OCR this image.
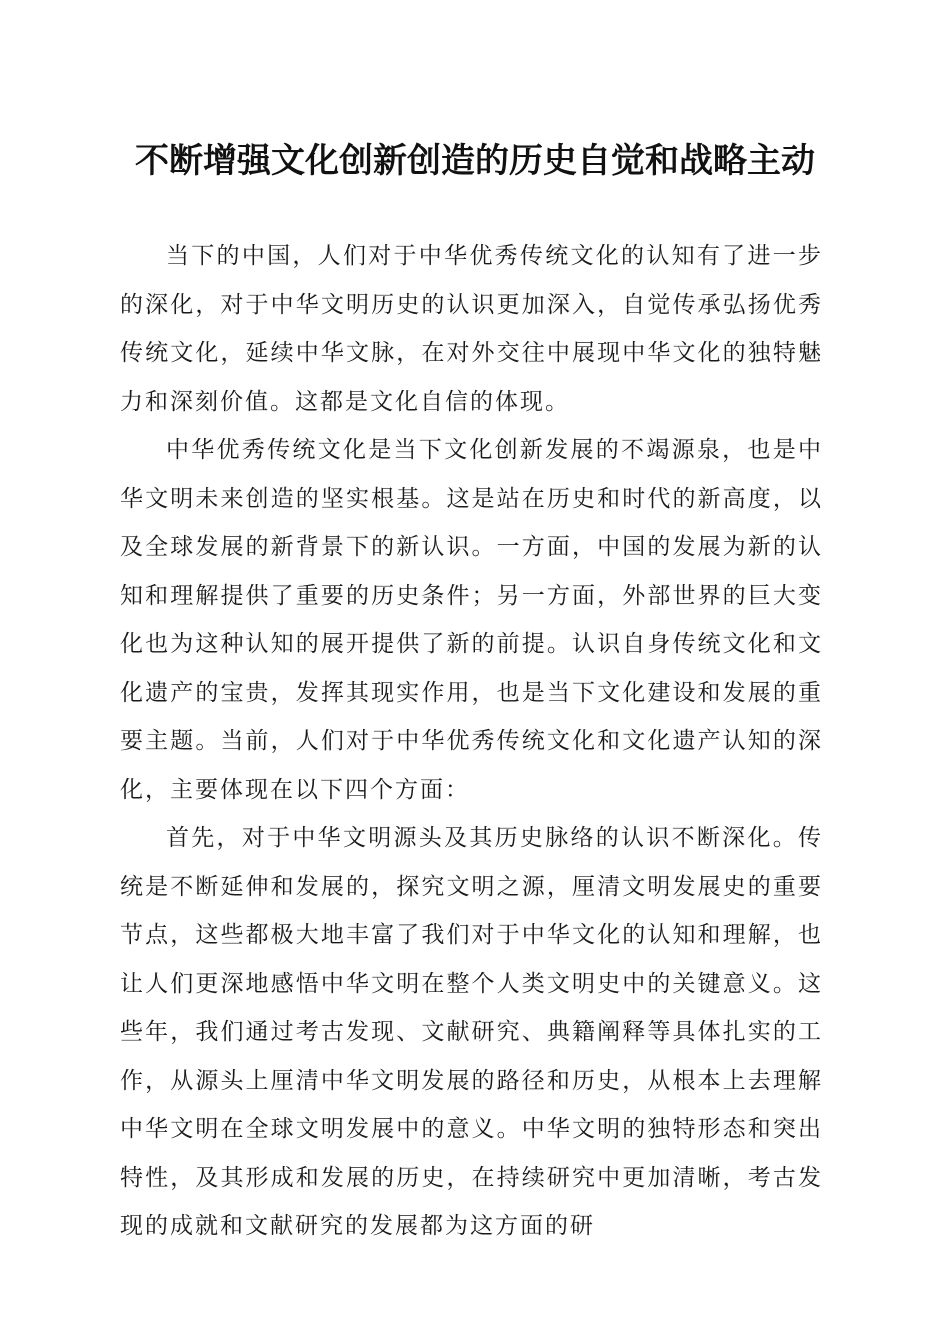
不断增强文化创新创造的历史自觉和战略主动

当下的中国，人们对于中华优秀传统文化的认知有了进一步的深化，对于中华文明历史的认识更加深入，自觉传承弘扬优秀传统文化，延续中华文脉，在对外交往中展现中华文化的独特魅力和深刻价值。这都是文化自信的体现。

中华优秀传统文化是当下文化创新发展的不竭源泉，也是中华文明未来创造的坚实根基。这是站在历史和时代的新高度，以及全球发展的新背景下的新认识。一方面，中国的发展为新的认知和理解提供了重要的历史条件；另一方面，外部世界的巨大变化也为这种认知的展开提供了新的前提。认识自身传统文化和文化遗产的宝贵，发挥其现实作用，也是当下文化建设和发展的重要主题。当前，人们对于中华优秀传统文化和文化遗产认知的深化，主要体现在以下四个方面：

首先，对于中华文明源头及其历史脉络的认识不断深化。传统是不断延伸和发展的，探究文明之源，厘清文明发展史的重要节点，这些都极大地丰富了我们对于中华文化的认知和理解，也让人们更深地感悟中华文明在整个人类文明史中的关键意义。这些年，我们通过考古发现、文献研究、典籍阐释等具体扎实的工作，从源头上厘清中华文明发展的路径和历史，从根本上去理解中华文明在全球文明发展中的意义。中华文明的独特形态和突出特性，及其形成和发展的历史，在持续研究中更加清晰，考古发现的成就和文献研究的发展都为这方面的研
